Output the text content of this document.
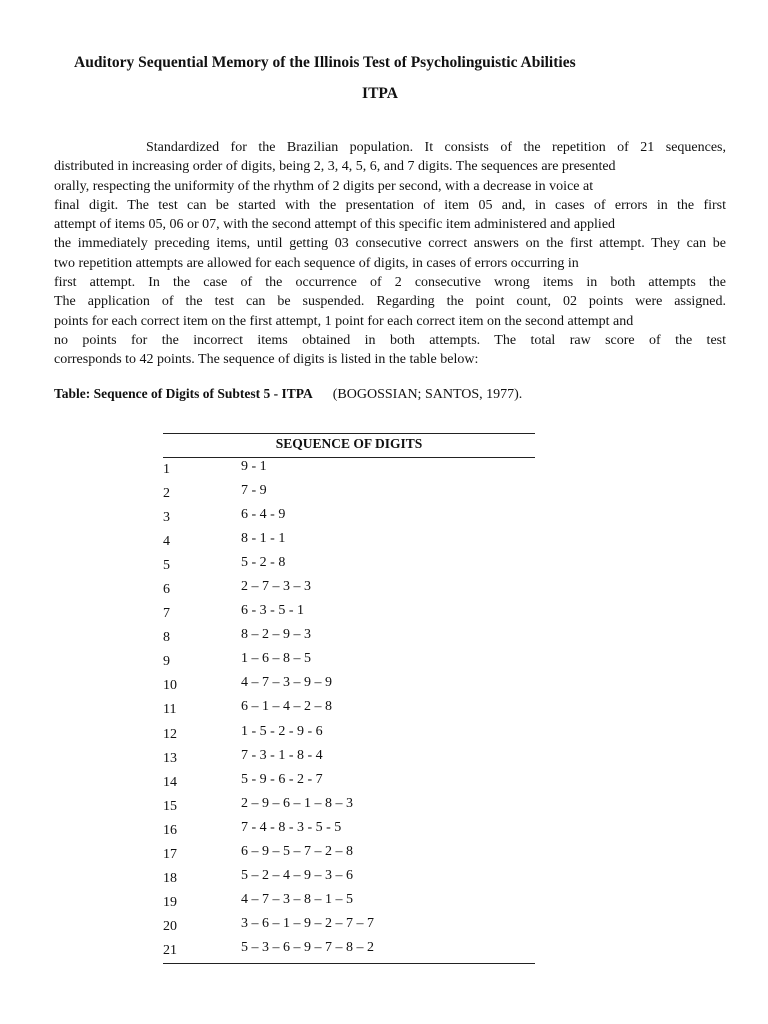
Auditory Sequential Memory of the Illinois Test of Psycholinguistic Abilities
ITPA
Standardized for the Brazilian population. It consists of the repetition of 21 sequences,
distributed in increasing order of digits, being 2, 3, 4, 5, 6, and 7 digits. The sequences are presented
orally, respecting the uniformity of the rhythm of 2 digits per second, with a decrease in voice at
final digit. The test can be started with the presentation of item 05 and, in cases of errors in the first
attempt of items 05, 06 or 07, with the second attempt of this specific item administered and applied
the immediately preceding items, until getting 03 consecutive correct answers on the first attempt. They can be
two repetition attempts are allowed for each sequence of digits, in cases of errors occurring in
first attempt. In the case of the occurrence of 2 consecutive wrong items in both attempts the
The application of the test can be suspended. Regarding the point count, 02 points were assigned.
points for each correct item on the first attempt, 1 point for each correct item on the second attempt and
no points for the incorrect items obtained in both attempts. The total raw score of the test
corresponds to 42 points. The sequence of digits is listed in the table below:
Table: Sequence of Digits of Subtest 5 - ITPA (BOGOSSIAN; SANTOS, 1977).
SEQUENCE OF DIGITS
1	9 - 1
2	7 - 9
3	6 - 4 - 9
4	8 - 1 - 1
5	5 - 2 - 8
6	2 – 7 – 3 – 3
7	6 - 3 - 5 - 1
8	8 – 2 – 9 – 3
9	1 – 6 – 8 – 5
10	4 – 7 – 3 – 9 – 9
11	6 – 1 – 4 – 2 – 8
12	1 - 5 - 2 - 9 - 6
13	7 - 3 - 1 - 8 - 4
14	5 - 9 - 6 - 2 - 7
15	2 – 9 – 6 – 1 – 8 – 3
16	7 - 4 - 8 - 3 - 5 - 5
17	6 – 9 – 5 – 7 – 2 – 8
18	5 – 2 – 4 – 9 – 3 – 6
19	4 – 7 – 3 – 8 – 1 – 5
20	3 – 6 – 1 – 9 – 2 – 7 – 7
21	5 – 3 – 6 – 9 – 7 – 8 – 2
